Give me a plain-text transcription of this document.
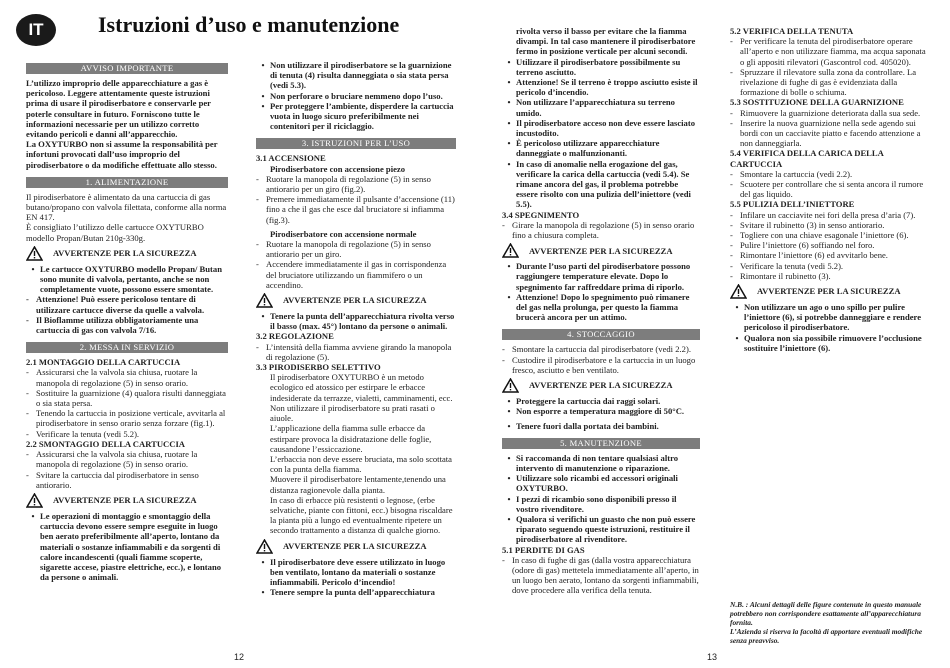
IT	Istruzioni d’uso e manutenzione
AVVISO IMPORTANTE

L’utilizzo improprio delle apparecchiature a gas è pericoloso. Leggere attentamente queste istruzioni prima di usare il pirodiserbatore e conservarle per poterle consultare in futuro. Forniscono tutte le informazioni necessarie per un utilizzo corretto evitando pericoli e danni all’apparecchio.

La OXYTURBO non si assume la responsabilità per infortuni provocati dall’uso improprio del pirodiserbatore o da modifiche effettuate allo stesso.

1. ALIMENTAZIONE

Il pirodiserbatore è alimentato da una cartuccia di gas butano/propano con valvola filettata, conforme alla norma EN 417.

È consigliato l’utilizzo delle cartucce OXYTURBO modello Propan/Butan 210g-330g.

AVVERTENZE PER LA SICUREZZA

• Le cartucce OXYTURBO modello Propan/ Butan sono munite di valvola, pertanto, anche se non completamente vuote, possono essere smontate.

- Attenzione! Può essere pericoloso tentare di utilizzare cartucce diverse da quelle a valvola.

- Il Bioflamme utilizza obbligatoriamente una cartuccia di gas con valvola 7/16.

2. MESSA IN SERVIZIO

2.1 MONTAGGIO DELLA CARTUCCIA

- Assicurarsi che la valvola sia chiusa, ruotare la manopola di regolazione (5) in senso orario.

- Sostituire la guarnizione (4) qualora risulti danneggiata o sia stata persa.

- Tenendo la cartuccia in posizione verticale, avvitarla al pirodiserbatore in senso orario senza forzare (fig.1).

- Verificare la tenuta (vedi 5.2).

2.2 SMONTAGGIO DELLA CARTUCCIA

- Assicurarsi che la valvola sia chiusa, ruotare la manopola di regolazione (5) in senso orario.

- Svitare la cartuccia dal pirodiserbatore in senso antiorario.

AVVERTENZE PER LA SICUREZZA

• Le operazioni di montaggio e smontaggio della cartuccia devono essere sempre eseguite in luogo ben aerato preferibilmente all’aperto, lontano da materiali o sostanze infiammabili e da sorgenti di calore incandescenti (quali fiamme scoperte, sigarette accese, piastre elettriche, ecc.), e lontano da persone o animali.

• Non utilizzare il pirodiserbatore se la guarnizione di tenuta (4) risulta danneggiata o sia stata persa (vedi 5.3).

• Non perforare o bruciare nemmeno dopo l’uso.

• Per proteggere l’ambiente, disperdere la cartuccia vuota in luogo sicuro preferibilmente nei contenitori per il riciclaggio.

3. ISTRUZIONI PER L’USO

3.1 ACCENSIONE

Pirodiserbatore con accensione piezo

- Ruotare la manopola di regolazione (5) in senso antiorario per un giro (fig.2).

- Premere immediatamente il pulsante d’accensione (11) fino a che il gas che esce dal bruciatore si infiamma (fig.3).

Pirodiserbatore con accensione normale

- Ruotare la manopola di regolazione (5) in senso antiorario per un giro.

- Accendere immediatamente il gas in corrispondenza del bruciatore utilizzando un fiammifero o un accendino.

AVVERTENZE PER LA SICUREZZA

• Tenere la punta dell’apparecchiatura rivolta verso il basso (max. 45°) lontano da persone o animali.

3.2 REGOLAZIONE

- L’intensità della fiamma avviene girando la manopola di regolazione (5).

3.3 PIRODISERBO SELETTIVO

Il pirodiserbatore OXYTURBO è un metodo ecologico ed atossico per estirpare le erbacce indesiderate da terrazze, vialetti, camminamenti, ecc. Non utilizzare il pirodiserbatore su prati rasati o aiuole.

L’applicazione della fiamma sulle erbacce da estirpare provoca la disidratazione delle foglie, causandone l’essiccazione.

L’erbaccia non deve essere bruciata, ma solo scottata con la punta della fiamma.

Muovere il pirodiserbatore lentamente,tenendo una distanza ragionevole dalla pianta.

In caso di erbacce più resistenti o legnose, (erbe selvatiche, piante con fittoni, ecc.) bisogna riscaldare la pianta più a lungo ed eventualmente ripetere un secondo trattamento a distanza di qualche giorno.

AVVERTENZE PER LA SICUREZZA

• Il pirodiserbatore deve essere utilizzato in luogo ben ventilato, lontano da materiali o sostanze infiammabili. Pericolo d’incendio!

• Tenere sempre la punta dell’apparecchiatura

rivolta verso il basso per evitare che la fiamma divampi. In tal caso mantenere il pirodiserbatore fermo in posizione verticale per alcuni secondi.

• Utilizzare il pirodiserbatore possibilmente su terreno asciutto.

• Attenzione! Se il terreno è troppo asciutto esiste il pericolo d’incendio.

• Non utilizzare l’apparecchiatura su terreno umido.

• Il pirodiserbatore acceso non deve essere lasciato incustodito.

• È pericoloso utilizzare apparecchiature danneggiate o malfunzionanti.

• In caso di anomalie nella erogazione del gas, verificare la carica della cartuccia (vedi 5.4). Se rimane ancora del gas, il problema potrebbe essere risolto con una pulizia dell’iniettore (vedi 5.5).

3.4 SPEGNIMENTO

- Girare la manopola di regolazione (5) in senso orario fino a chiusura completa.

AVVERTENZE PER LA SICUREZZA

• Durante l’uso parti del pirodiserbatore possono raggiungere temperature elevate. Dopo lo spegnimento far raffreddare prima di riporlo.

• Attenzione! Dopo lo spegnimento può rimanere del gas nella prolunga, per questo la fiamma brucerà ancora per un attimo.

4. STOCCAGGIO

- Smontare la cartuccia dal pirodiserbatore (vedi 2.2).

- Custodire il pirodiserbatore e la cartuccia in un luogo fresco, asciutto e ben ventilato.

AVVERTENZE PER LA SICUREZZA

• Proteggere la cartuccia dai raggi solari.

• Non esporre a temperatura maggiore di 50°C.

• Tenere fuori dalla portata dei bambini.

5. MANUTENZIONE

• Si raccomanda di non tentare qualsiasi altro intervento di manutenzione o riparazione.

• Utilizzare solo ricambi ed accessori originali OXYTURBO.

• I pezzi di ricambio sono disponibili presso il vostro rivenditore.

• Qualora si verifichi un guasto che non può essere riparato seguendo queste istruzioni, restituire il pirodiserbatore al rivenditore.

5.1 PERDITE DI GAS

- In caso di fughe di gas (dalla vostra apparecchiatura (odore di gas) mettetela immediatamente all’aperto, in un luogo ben aerato, lontano da sorgenti infiammabili, dove procedere alla verifica della tenuta.

5.2 VERIFICA DELLA TENUTA

- Per verificare la tenuta del pirodiserbatore operare all’aperto e non utilizzare fiamma, ma acqua saponata o gli appositi rilevatori (Gascontrol cod. 405020).

- Spruzzare il rilevatore sulla zona da controllare. La rivelazione di fughe di gas è evidenziata dalla formazione di bolle o schiuma.

5.3 SOSTITUZIONE DELLA GUARNIZIONE

- Rimuovere la guarnizione deteriorata dalla sua sede.

- Inserire la nuova guarnizione nella sede agendo sui bordi con un cacciavite piatto e facendo attenzione a non danneggiarla.

5.4 VERIFICA DELLA CARICA DELLA CARTUCCIA

- Smontare la cartuccia (vedi 2.2).

- Scuotere per controllare che si senta ancora il rumore del gas liquido.

5.5 PULIZIA DELL’INIETTORE

- Infilare un cacciavite nei fori della presa d’aria (7).

- Svitare il rubinetto (3) in senso antiorario.

- Togliere con una chiave esagonale l’iniettore (6).

- Pulire l’iniettore (6) soffiando nel foro.

- Rimontare l’iniettore (6) ed avvitarlo bene.

- Verificare la tenuta (vedi 5.2).

- Rimontare il rubinetto (3).

AVVERTENZE PER LA SICUREZZA

• Non utilizzare un ago o uno spillo per pulire l’iniettore (6), si potrebbe danneggiare e rendere pericoloso il pirodiserbatore.

• Qualora non sia possibile rimuovere l’occlusione sostituire l’iniettore (6).

N.B. : Alcuni dettagli delle figure contenute in questo manuale potrebbero non corrispondere esattamente all’apparecchiatura fornita.

L’Azienda si riserva la facoltà di apportare eventuali modifiche senza preavviso.

12	13
